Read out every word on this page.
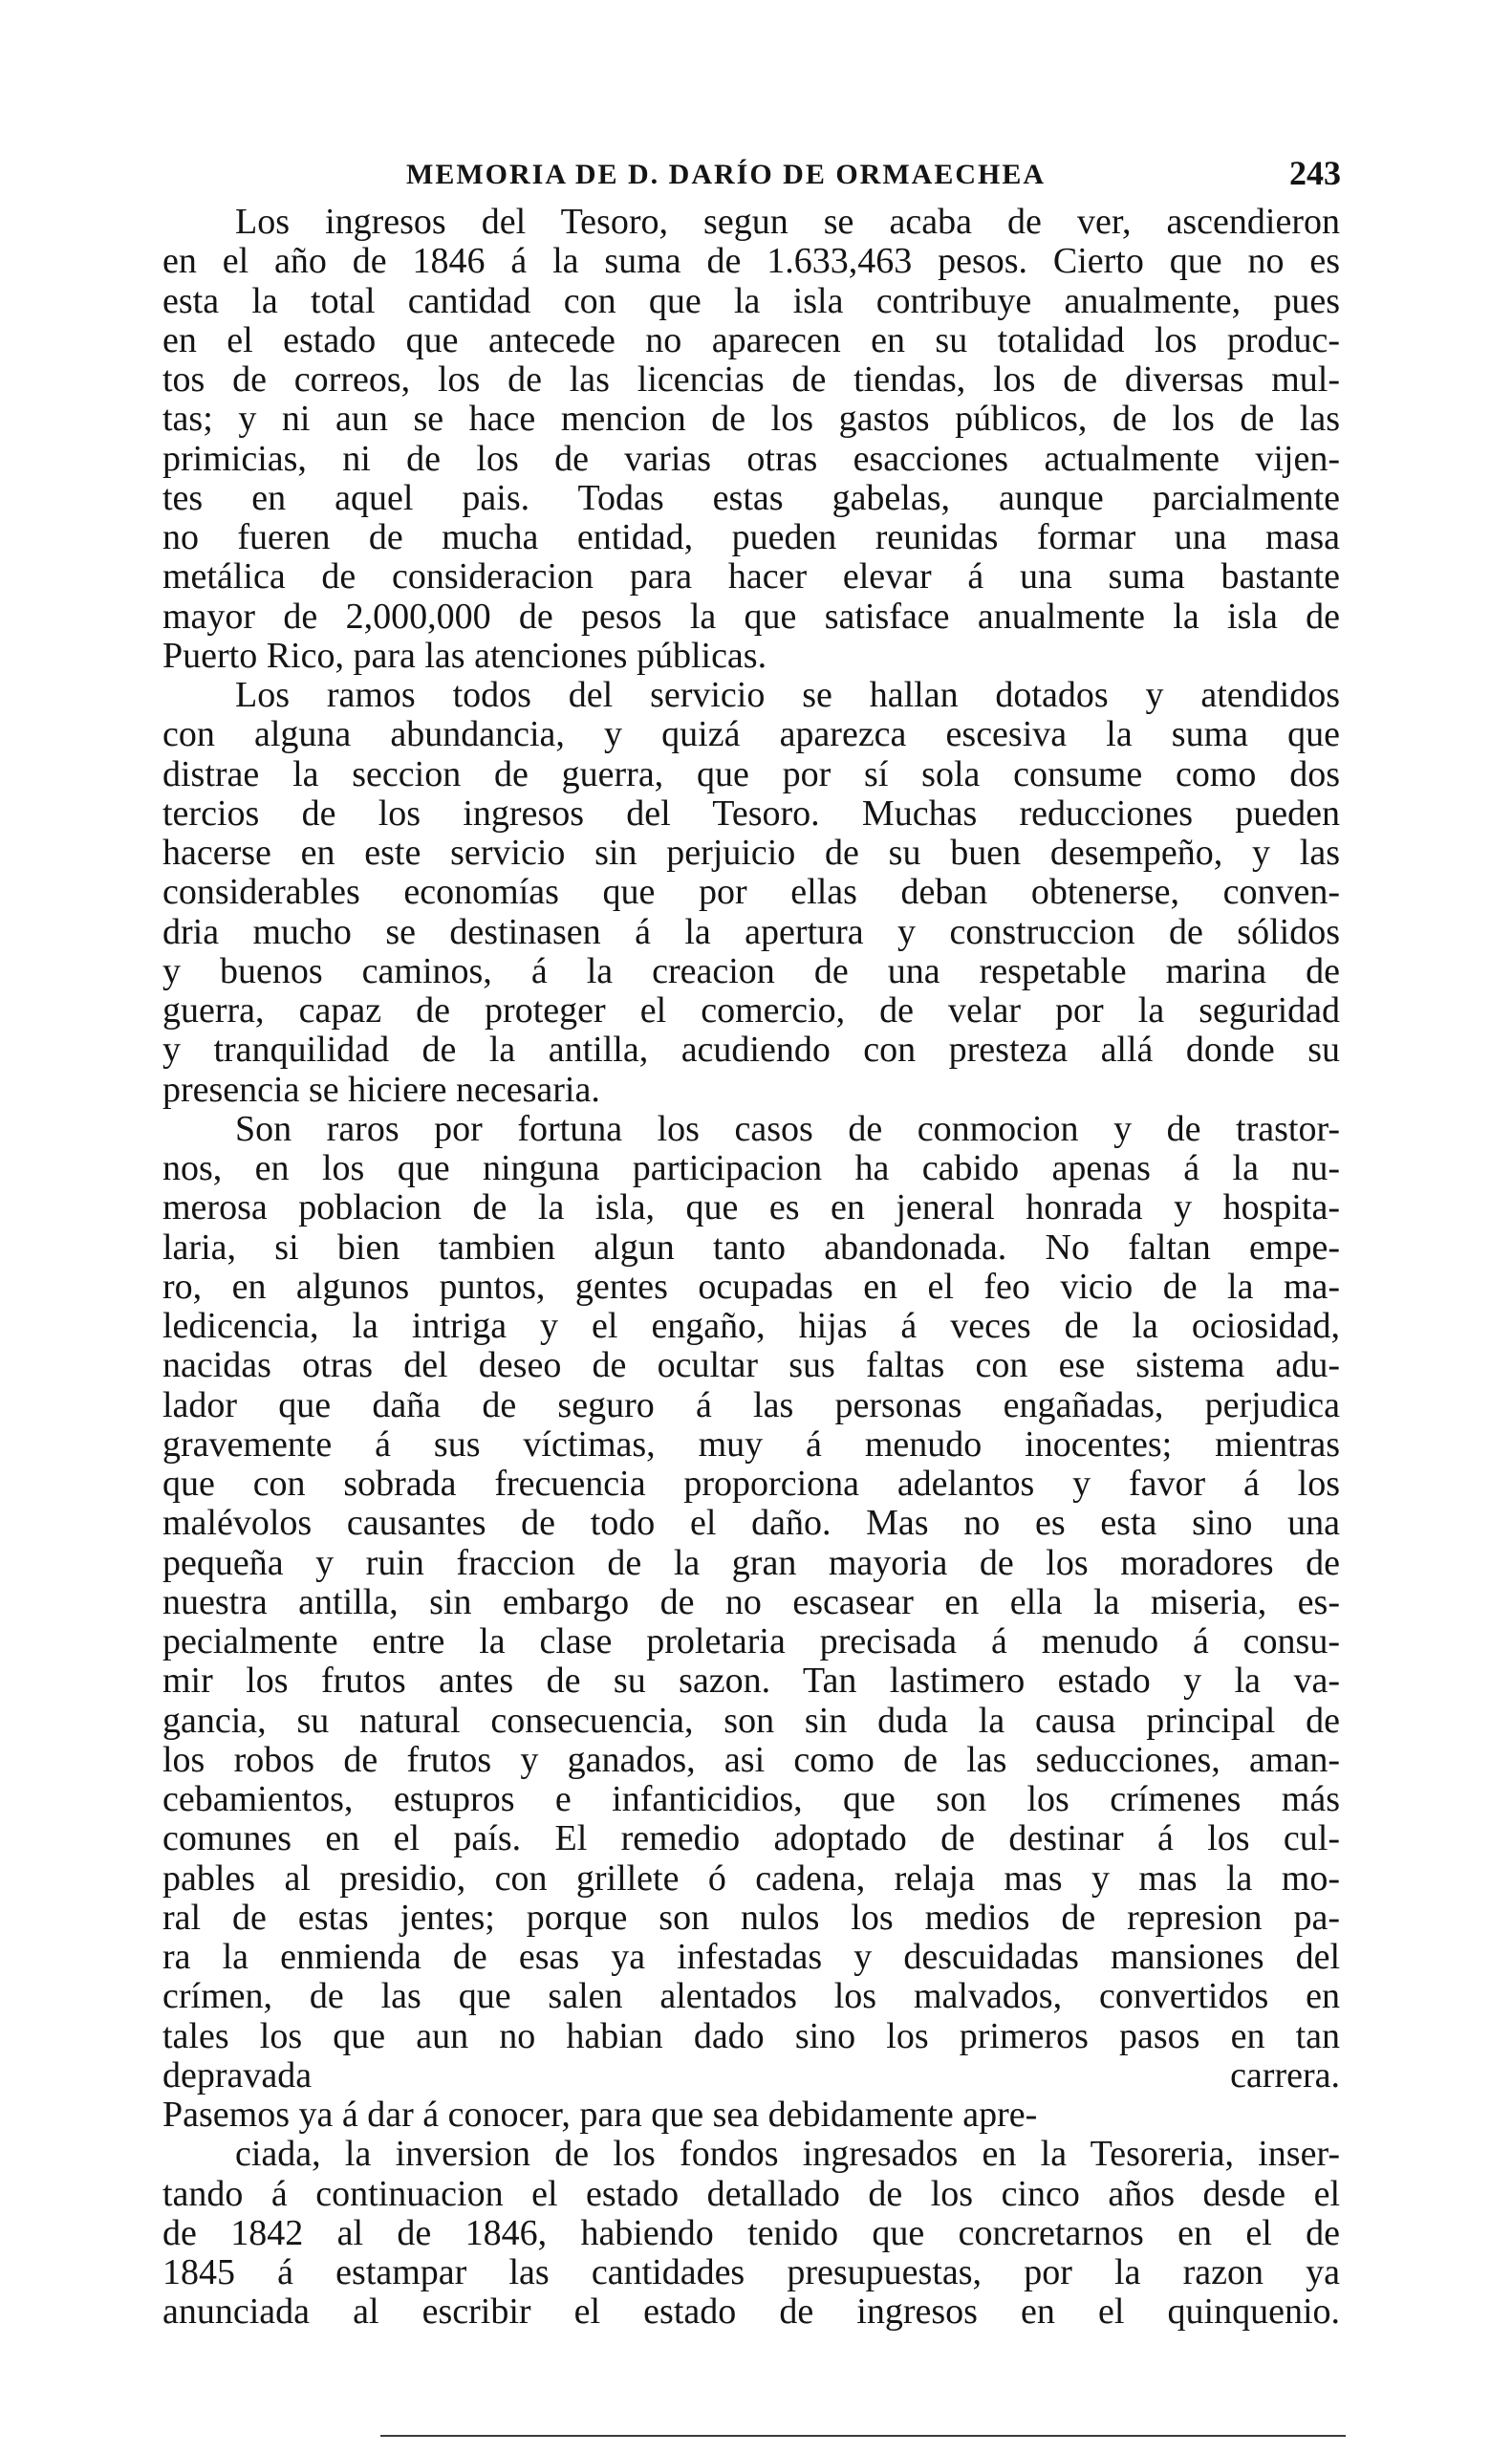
MEMORIA DE D. DARÍO DE ORMAECHEA	243
Los ingresos del Tesoro, segun se acaba de ver, ascendieron
en el año de 1846 á la suma de 1.633,463 pesos. Cierto que no es
esta la total cantidad con que la isla contribuye anualmente, pues
en el estado que antecede no aparecen en su totalidad los produc-
tos de correos, los de las licencias de tiendas, los de diversas mul-
tas; y ni aun se hace mencion de los gastos públicos, de los de las
primicias, ni de los de varias otras esacciones actualmente vijen-
tes en aquel pais. Todas estas gabelas, aunque parcialmente
no fueren de mucha entidad, pueden reunidas formar una masa
metálica de consideracion para hacer elevar á una suma bastante
mayor de 2,000,000 de pesos la que satisface anualmente la isla de
Puerto Rico, para las atenciones públicas.
Los ramos todos del servicio se hallan dotados y atendidos
con alguna abundancia, y quizá aparezca escesiva la suma que
distrae la seccion de guerra, que por sí sola consume como dos
tercios de los ingresos del Tesoro. Muchas reducciones pueden
hacerse en este servicio sin perjuicio de su buen desempeño, y las
considerables economías que por ellas deban obtenerse, conven-
dria mucho se destinasen á la apertura y construccion de sólidos
y buenos caminos, á la creacion de una respetable marina de
guerra, capaz de proteger el comercio, de velar por la seguridad
y tranquilidad de la antilla, acudiendo con presteza allá donde su
presencia se hiciere necesaria.
Son raros por fortuna los casos de conmocion y de trastor-
nos, en los que ninguna participacion ha cabido apenas á la nu-
merosa poblacion de la isla, que es en jeneral honrada y hospita-
laria, si bien tambien algun tanto abandonada. No faltan empe-
ro, en algunos puntos, gentes ocupadas en el feo vicio de la ma-
ledicencia, la intriga y el engaño, hijas á veces de la ociosidad,
nacidas otras del deseo de ocultar sus faltas con ese sistema adu-
lador que daña de seguro á las personas engañadas, perjudica
gravemente á sus víctimas, muy á menudo inocentes; mientras
que con sobrada frecuencia proporciona adelantos y favor á los
malévolos causantes de todo el daño. Mas no es esta sino una
pequeña y ruin fraccion de la gran mayoria de los moradores de
nuestra antilla, sin embargo de no escasear en ella la miseria, es-
pecialmente entre la clase proletaria precisada á menudo á consu-
mir los frutos antes de su sazon. Tan lastimero estado y la va-
gancia, su natural consecuencia, son sin duda la causa principal de
los robos de frutos y ganados, asi como de las seducciones, aman-
cebamientos, estupros e infanticidios, que son los crímenes más
comunes en el país. El remedio adoptado de destinar á los cul-
pables al presidio, con grillete ó cadena, relaja mas y mas la mo-
ral de estas jentes; porque son nulos los medios de represion pa-
ra la enmienda de esas ya infestadas y descuidadas mansiones del
crímen, de las que salen alentados los malvados, convertidos en
tales los que aun no habian dado sino los primeros pasos en tan
depravada carrera.
Pasemos ya á dar á conocer, para que sea debidamente apre-
ciada, la inversion de los fondos ingresados en la Tesoreria, inser-
tando á continuacion el estado detallado de los cinco años desde el
de 1842 al de 1846, habiendo tenido que concretarnos en el de
1845 á estampar las cantidades presupuestas, por la razon ya
anunciada al escribir el estado de ingresos en el quinquenio.
